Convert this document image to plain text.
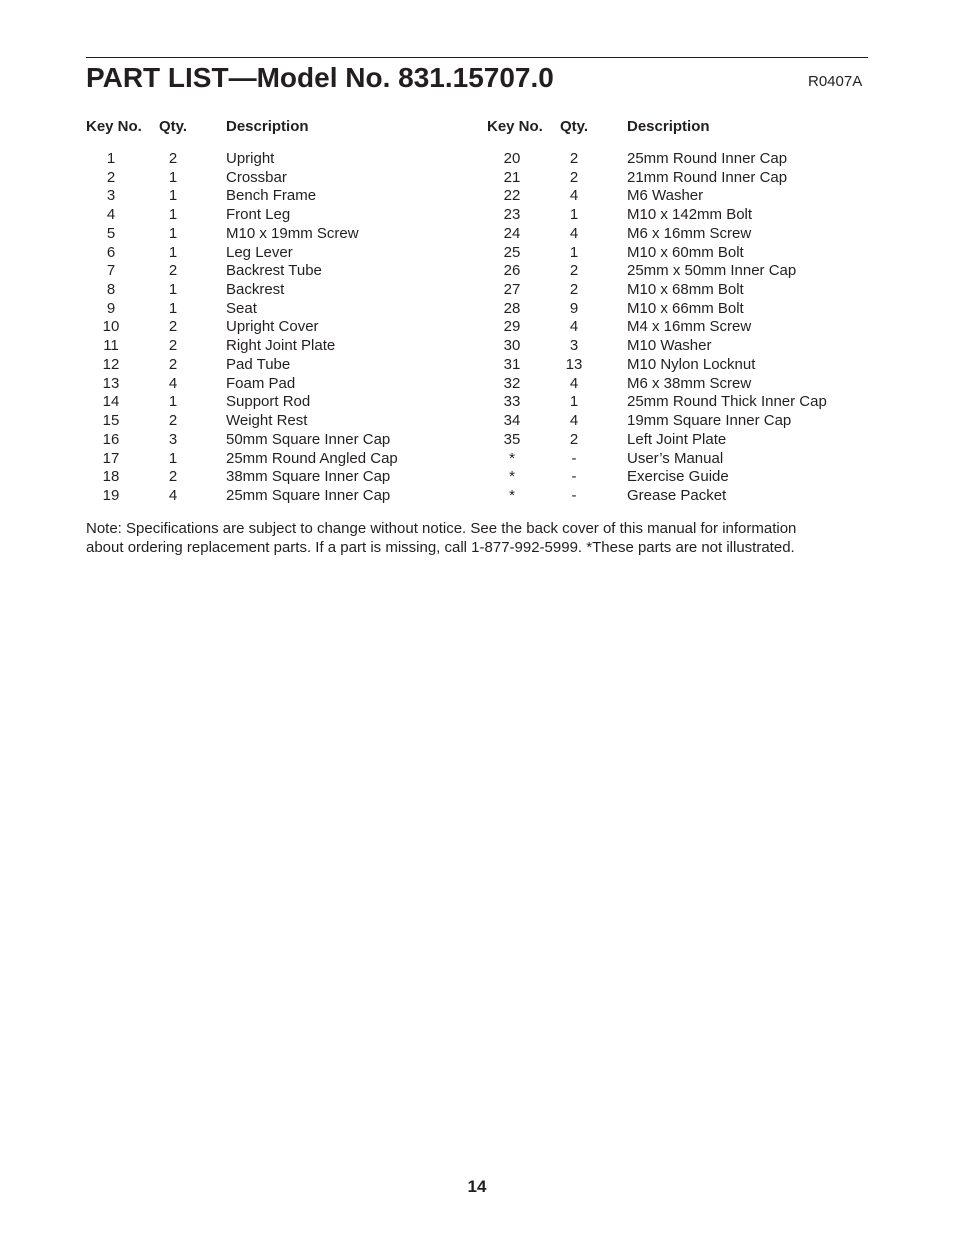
PART LIST—Model No. 831.15707.0	R0407A
Key No. Qty.	Description	Key No. Qty.	Description
1	2	Upright
2	1	Crossbar
3	1	Bench Frame
4	1	Front Leg
5	1	M10 x 19mm Screw
6	1	Leg Lever
7	2	Backrest Tube
8	1	Backrest
9	1	Seat
10	2	Upright Cover
11	2	Right Joint Plate
12	2	Pad Tube
13	4	Foam Pad
14	1	Support Rod
15	2	Weight Rest
16	3	50mm Square Inner Cap
17	1	25mm Round Angled Cap
18	2	38mm Square Inner Cap
19	4	25mm Square Inner Cap
20	2	25mm Round Inner Cap
21	2	21mm Round Inner Cap
22	4	M6 Washer
23	1	M10 x 142mm Bolt
24	4	M6 x 16mm Screw
25	1	M10 x 60mm Bolt
26	2	25mm x 50mm Inner Cap
27	2	M10 x 68mm Bolt
28	9	M10 x 66mm Bolt
29	4	M4 x 16mm Screw
30	3	M10 Washer
31	13	M10 Nylon Locknut
32	4	M6 x 38mm Screw
33	1	25mm Round Thick Inner Cap
34	4	19mm Square Inner Cap
35	2	Left Joint Plate
*	-	User’s Manual
*	-	Exercise Guide
*	-	Grease Packet

Note: Specifications are subject to change without notice. See the back cover of this manual for information

about ordering replacement parts. If a part is missing, call 1-877-992-5999. *These parts are not illustrated.

14
